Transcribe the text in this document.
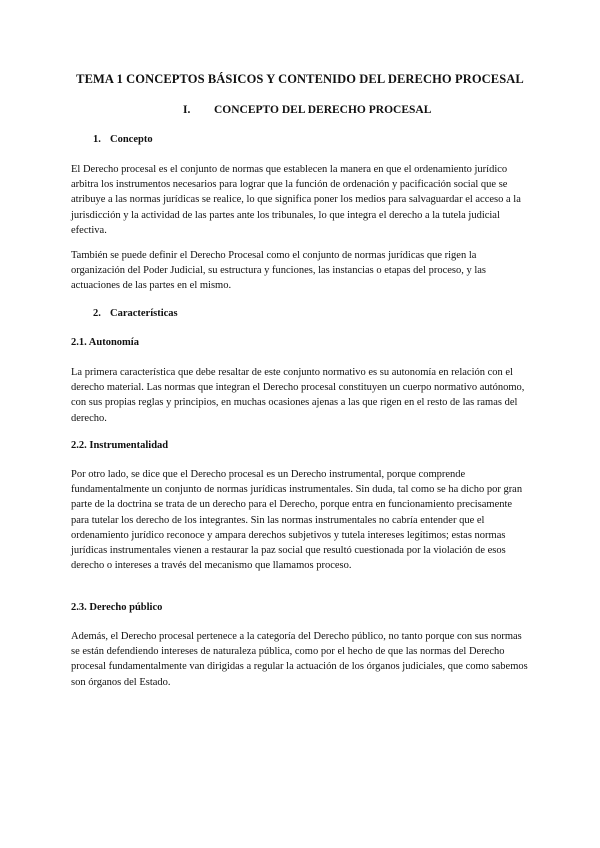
TEMA 1 CONCEPTOS BÁSICOS Y CONTENIDO DEL DERECHO PROCESAL
I. CONCEPTO DEL DERECHO PROCESAL
1. Concepto

El Derecho procesal es el conjunto de normas que establecen la manera en que el ordenamiento jurídico arbitra los instrumentos necesarios para lograr que la función de ordenación y pacificación social que se atribuye a las normas jurídicas se realice, lo que significa poner los medios para salvaguardar el acceso a la jurisdicción y la actividad de las partes ante los tribunales, lo que integra el derecho a la tutela judicial efectiva.

También se puede definir el Derecho Procesal como el conjunto de normas jurídicas que rigen la organización del Poder Judicial, su estructura y funciones, las instancias o etapas del proceso, y las actuaciones de las partes en el mismo.

2. Características
2.1. Autonomía

La primera característica que debe resaltar de este conjunto normativo es su autonomía en relación con el derecho material. Las normas que integran el Derecho procesal constituyen un cuerpo normativo autónomo, con sus propias reglas y principios, en muchas ocasiones ajenas a las que rigen en el resto de las ramas del derecho.

2.2. Instrumentalidad

Por otro lado, se dice que el Derecho procesal es un Derecho instrumental, porque comprende fundamentalmente un conjunto de normas jurídicas instrumentales. Sin duda, tal como se ha dicho por gran parte de la doctrina se trata de un derecho para el Derecho, porque entra en funcionamiento precisamente para tutelar los derecho de los integrantes. Sin las normas instrumentales no cabría entender que el ordenamiento jurídico reconoce y ampara derechos subjetivos y tutela intereses legítimos; estas normas jurídicas instrumentales vienen a restaurar la paz social que resultó cuestionada por la violación de esos derecho o intereses a través del mecanismo que llamamos proceso.

2.3. Derecho público

Además, el Derecho procesal pertenece a la categoría del Derecho público, no tanto porque con sus normas se están defendiendo intereses de naturaleza pública, como por el hecho de que las normas del Derecho procesal fundamentalmente van dirigidas a regular la actuación de los órganos judiciales, que como sabemos son órganos del Estado.
